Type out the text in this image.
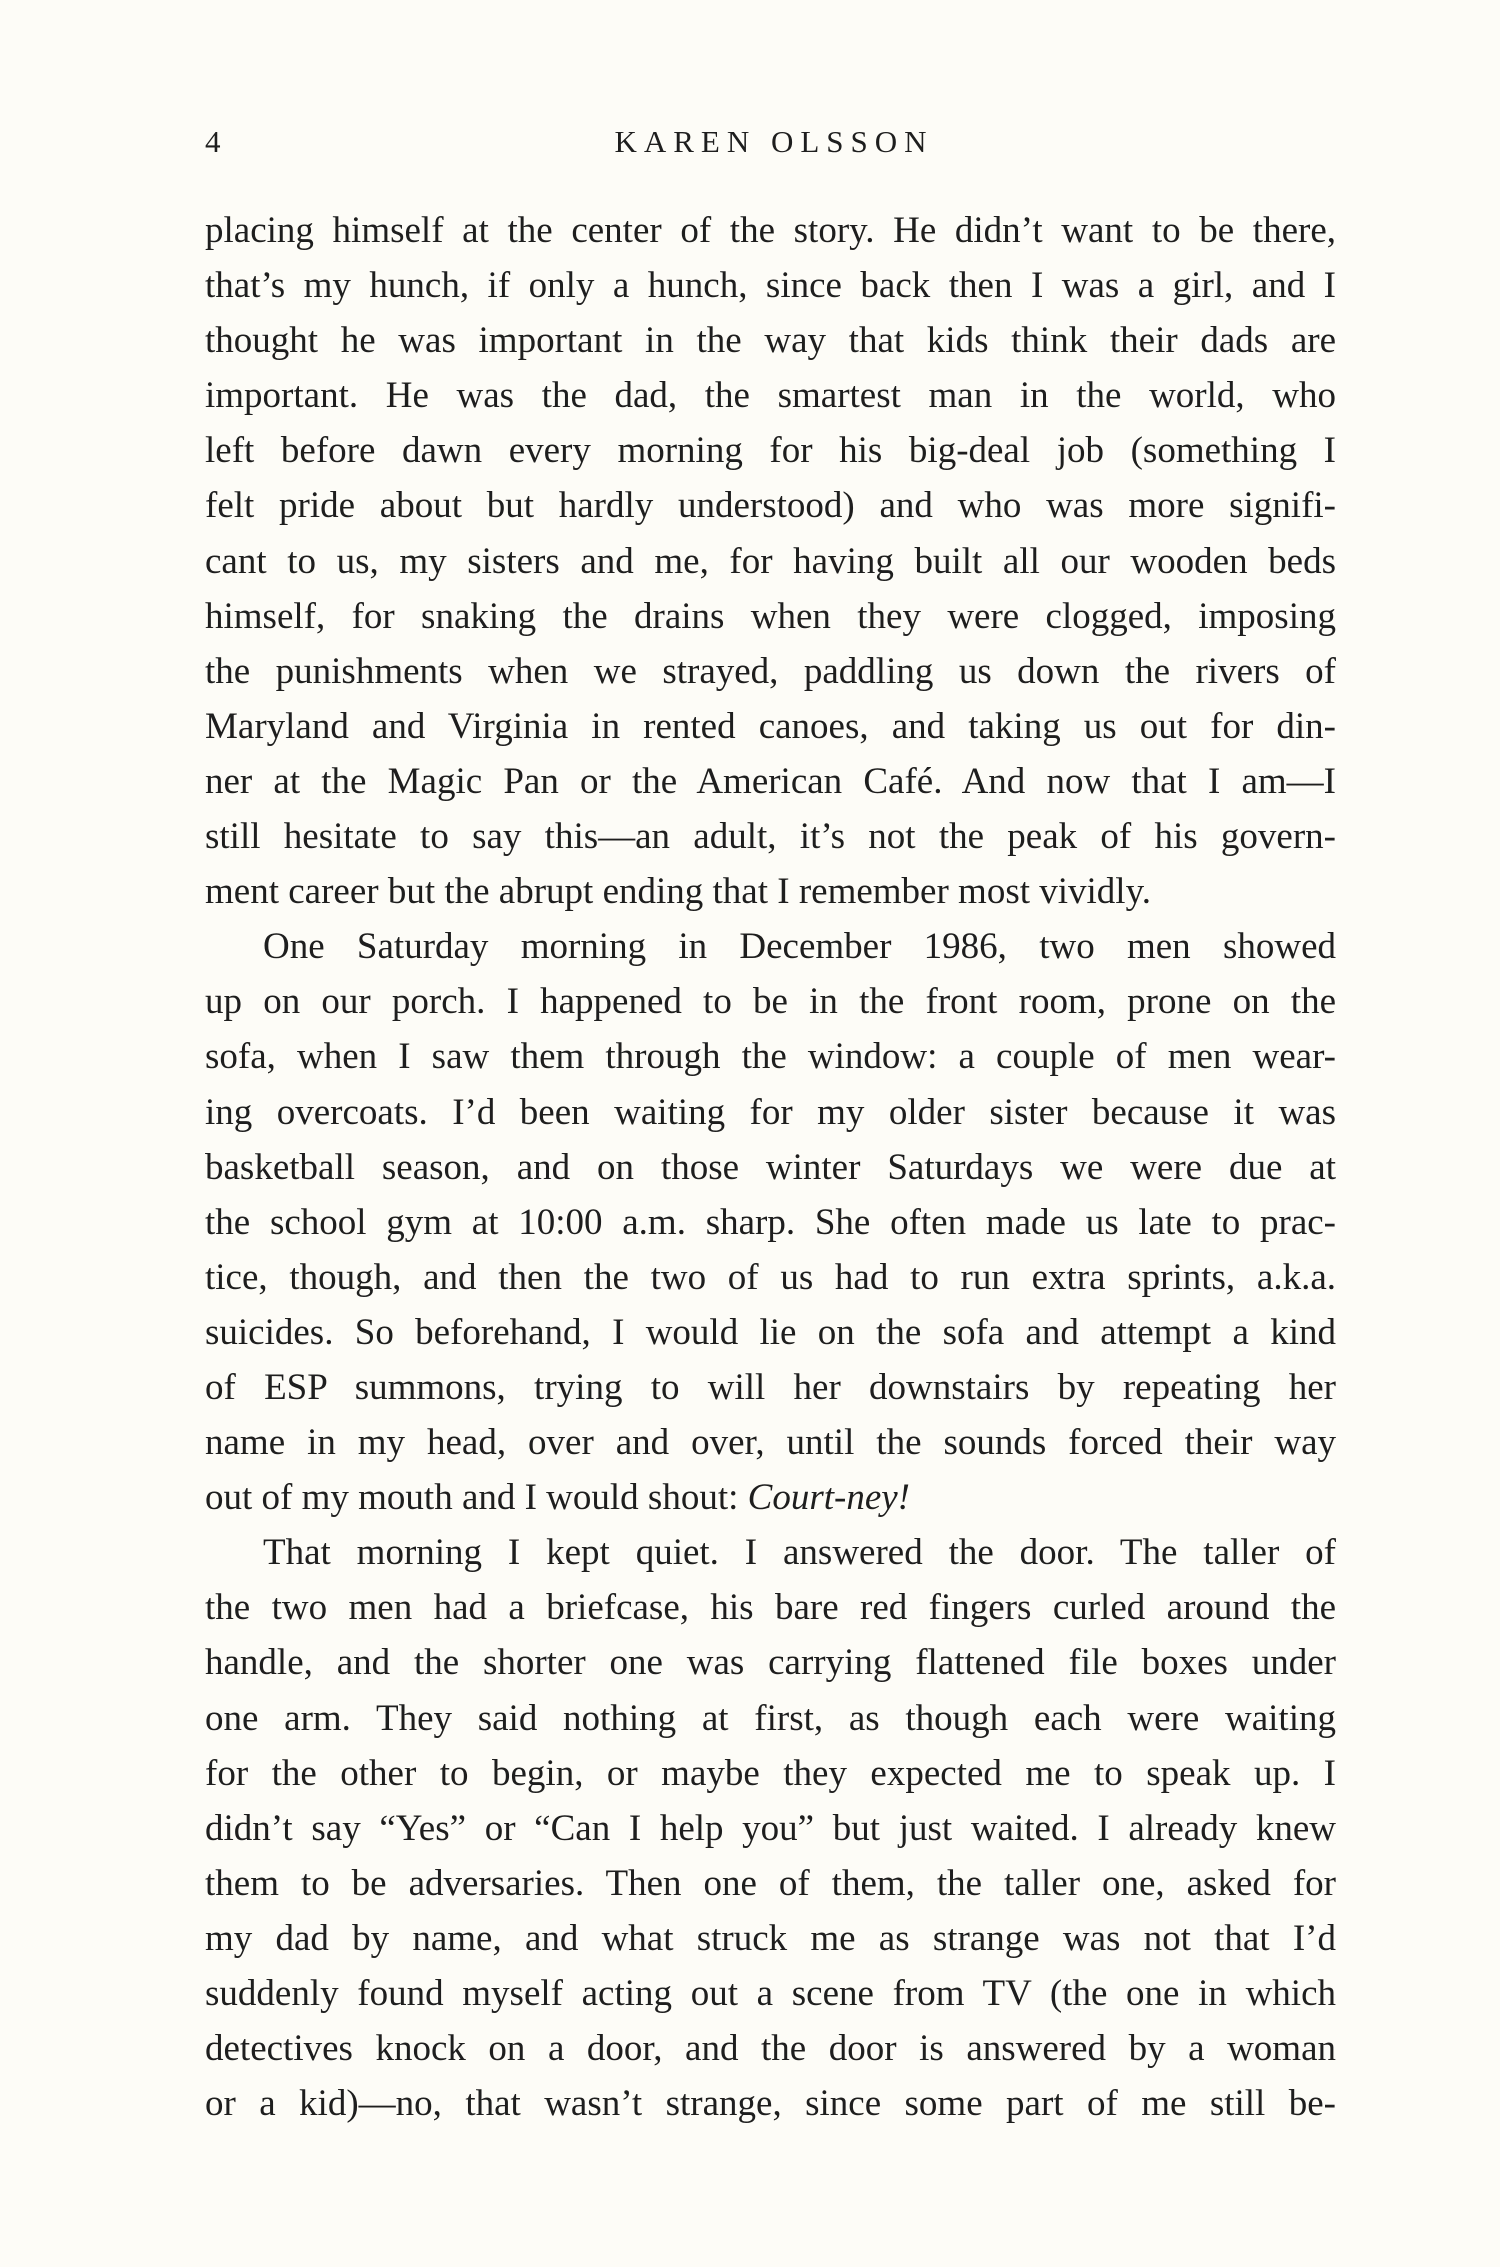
4	KAREN OLSSON
placing himself at the center of the story. He didn’t want to be there,
that’s my hunch, if only a hunch, since back then I was a girl, and I
thought he was important in the way that kids think their dads are
important. He was the dad, the smartest man in the world, who
left before dawn every morning for his big-deal job (something I
felt pride about but hardly understood) and who was more signifi-
cant to us, my sisters and me, for having built all our wooden beds
himself, for snaking the drains when they were clogged, imposing
the punishments when we strayed, paddling us down the rivers of
Maryland and Virginia in rented canoes, and taking us out for din-
ner at the Magic Pan or the American Café. And now that I am—I
still hesitate to say this—an adult, it’s not the peak of his govern-
ment career but the abrupt ending that I remember most vividly.
One Saturday morning in December 1986, two men showed
up on our porch. I happened to be in the front room, prone on the
sofa, when I saw them through the window: a couple of men wear-
ing overcoats. I’d been waiting for my older sister because it was
basketball season, and on those winter Saturdays we were due at
the school gym at 10:00 a.m. sharp. She often made us late to prac-
tice, though, and then the two of us had to run extra sprints, a.k.a.
suicides. So beforehand, I would lie on the sofa and attempt a kind
of ESP summons, trying to will her downstairs by repeating her
name in my head, over and over, until the sounds forced their way
out of my mouth and I would shout: Court-ney!
That morning I kept quiet. I answered the door. The taller of
the two men had a briefcase, his bare red fingers curled around the
handle, and the shorter one was carrying flattened file boxes under
one arm. They said nothing at first, as though each were waiting
for the other to begin, or maybe they expected me to speak up. I
didn’t say “Yes” or “Can I help you” but just waited. I already knew
them to be adversaries. Then one of them, the taller one, asked for
my dad by name, and what struck me as strange was not that I’d
suddenly found myself acting out a scene from TV (the one in which
detectives knock on a door, and the door is answered by a woman
or a kid)—no, that wasn’t strange, since some part of me still be-
